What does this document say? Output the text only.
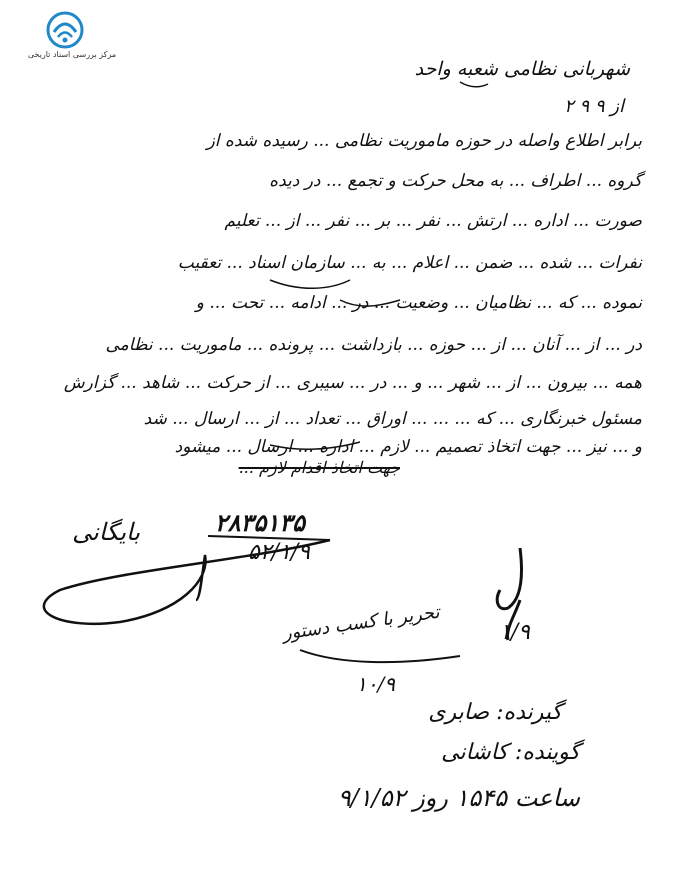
مرکز بررسی اسناد تاریخی
شهربانی نظامی شعبه واحد
از ۹ ۹ ۲
برابر اطلاع واصله در حوزه ماموریت نظامی ... رسیده شده از
گروه ... اطراف ... به محل حرکت و تجمع ... در دیده
صورت ... اداره ... ارتش ... نفر ... بر ... نفر ... از ... تعلیم
نفرات ... شده ... ضمن ... اعلام ... به ... سازمان اسناد ... تعقیب
نموده ... که ... نظامیان ... وضعیت ... در ... ادامه ... تحت ... و
در ... از ... آنان ... از ... حوزه ... بازداشت ... پرونده ... ماموریت ... نظامی
همه ... بیرون ... از ... شهر ... و ... در ... سیبری ... از حرکت ... شاهد ... گزارش
مسئول خبرنگاری ... که ... ... ... اوراق ... تعداد ... از ... ارسال ... شد
و ... نیز ... جهت اتخاذ تصمیم ... لازم ... اداره ... ارسال ... میشود
جهت اتخاذ اقدام لازم ...
بایگانی	۲۸۳۵۱۳۵
۵۲/۱/۹
۱/۹
تحریر با کسب دستور
۱۰/۹
گیرنده: صابری
گوینده: کاشانی
ساعت ۱۵۴۵ روز ۹/۱/۵۲
